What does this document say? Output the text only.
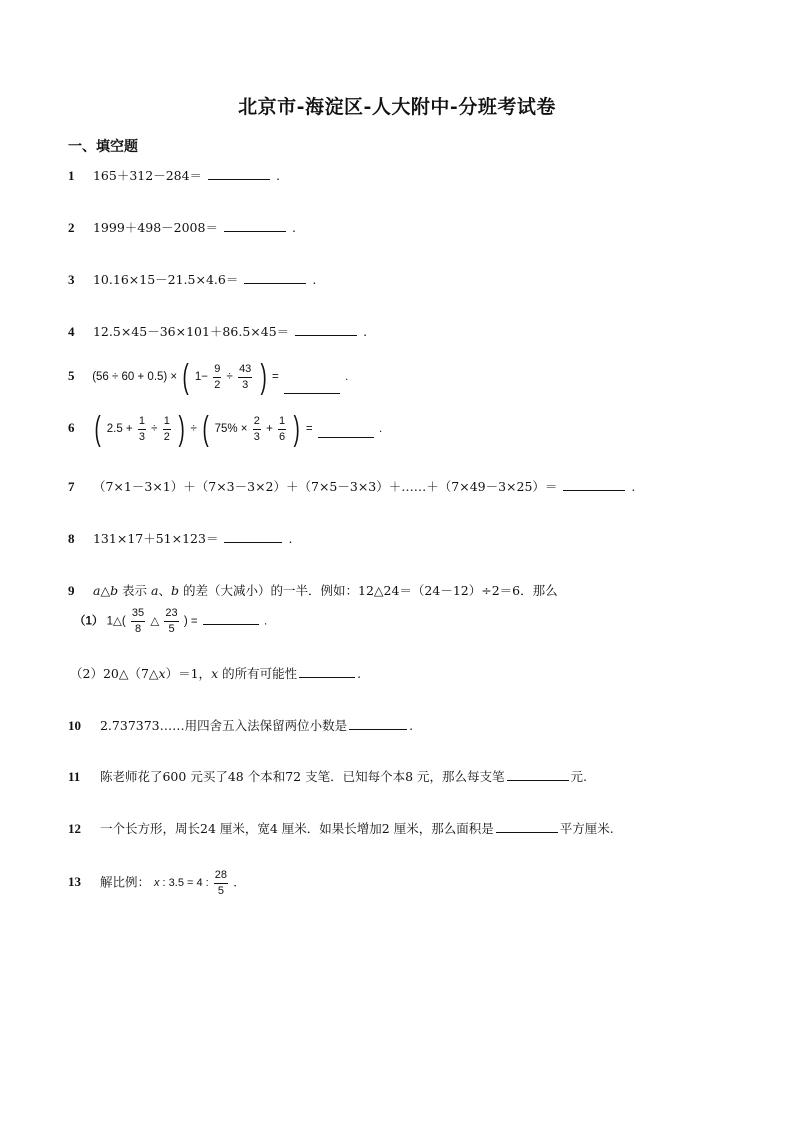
北京市-海淀区-人大附中-分班考试卷
一、填空题
1 165＋312－284＝	.
2 1999＋498－2008＝	.
3 10.16×15－21.5×4.6＝	.
4 12.5×45－36×101＋86.5×45＝	.
5 (56 ÷ 60 + 0.5) × ( $1- \frac{9}{2} \div \frac{43}{3}$ ) =	.
6 ( $2.5 + \frac{1}{3} \div \frac{1}{2}$ ) ÷ ( $75\% \times \frac{2}{3} + \frac{1}{6}$ ) =	.
7 （7×1－3×1）＋（7×3－3×2）＋（7×5－3×3）＋……＋（7×49－3×25）＝	.
8 131×17＋51×123＝	.
9 a△b 表示 a、b 的差（大减小）的一半．例如：12△24＝（24－12）÷2＝6．那么
（1） 1△( $\frac{35}{8}$ △ $\frac{23}{5}$ ) =	.
（2）20△（7△x）＝1，x 的所有可能性	.
10 2.737373……用四舍五入法保留两位小数是	.
11 陈老师花了600 元买了48 个本和72 支笔．已知每个本8 元，那么每支笔	元.
12 一个长方形，周长24 厘米，宽4 厘米．如果长增加2 厘米，那么面积是	平方厘米.
13 解比例： x : 3.5 = 4 : $\frac{28}{5}$ .
